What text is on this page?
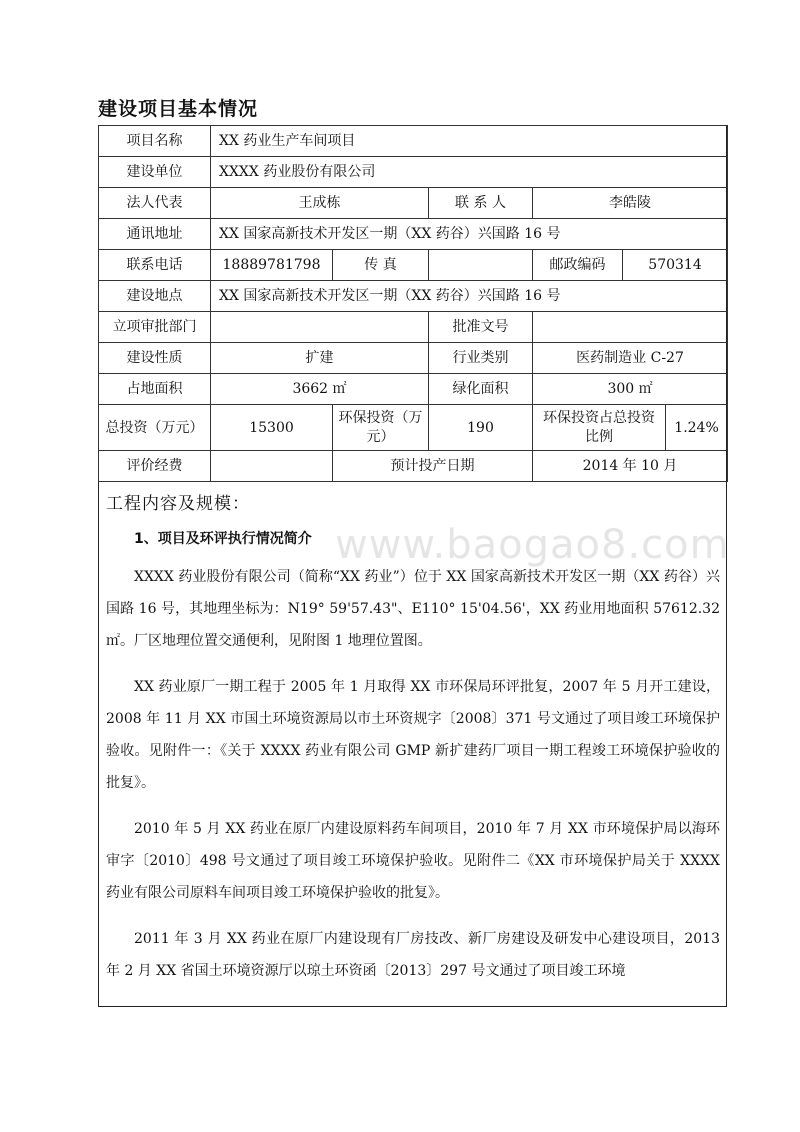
建设项目基本情况
项目名称	XX 药业生产车间项目					
建设单位	XXXX 药业股份有限公司					
法人代表	王成栋		联 系 人	李皓陵		
通讯地址	XX 国家高新技术开发区一期（XX 药谷）兴国路 16 号					
联系电话	18889781798	传 真		邮政编码	570314	
建设地点	XX 国家高新技术开发区一期（XX 药谷）兴国路 16 号					
立项审批部门			批准文号			
建设性质	扩建		行业类别	医药制造业 C-27		
占地面积	3662 ㎡		绿化面积	300 ㎡		
总投资（万元）	15300	环保投资（万元）	190	环保投资占总投资比例		1.24%
评价经费		预计投产日期		2014 年 10 月		
工程内容及规模：
www.baogao8.com
1、项目及环评执行情况简介

XXXX 药业股份有限公司（简称“XX 药业”）位于 XX 国家高新技术开发区一期（XX 药谷）兴国路 16 号，其地理坐标为：N19° 59'57.43"、E110° 15'04.56'，XX 药业用地面积 57612.32 ㎡。厂区地理位置交通便利，见附图 1 地理位置图。

XX 药业原厂一期工程于 2005 年 1 月取得 XX 市环保局环评批复，2007 年 5 月开工建设，2008 年 11 月 XX 市国土环境资源局以市土环资规字〔2008〕371 号文通过了项目竣工环境保护验收。见附件一：《关于 XXXX 药业有限公司 GMP 新扩建药厂项目一期工程竣工环境保护验收的批复》。

2010 年 5 月 XX 药业在原厂内建设原料药车间项目，2010 年 7 月 XX 市环境保护局以海环审字〔2010〕498 号文通过了项目竣工环境保护验收。见附件二《XX 市环境保护局关于 XXXX 药业有限公司原料车间项目竣工环境保护验收的批复》。

2011 年 3 月 XX 药业在原厂内建设现有厂房技改、新厂房建设及研发中心建设项目，2013 年 2 月 XX 省国土环境资源厅以琼土环资函〔2013〕297 号文通过了项目竣工环境
